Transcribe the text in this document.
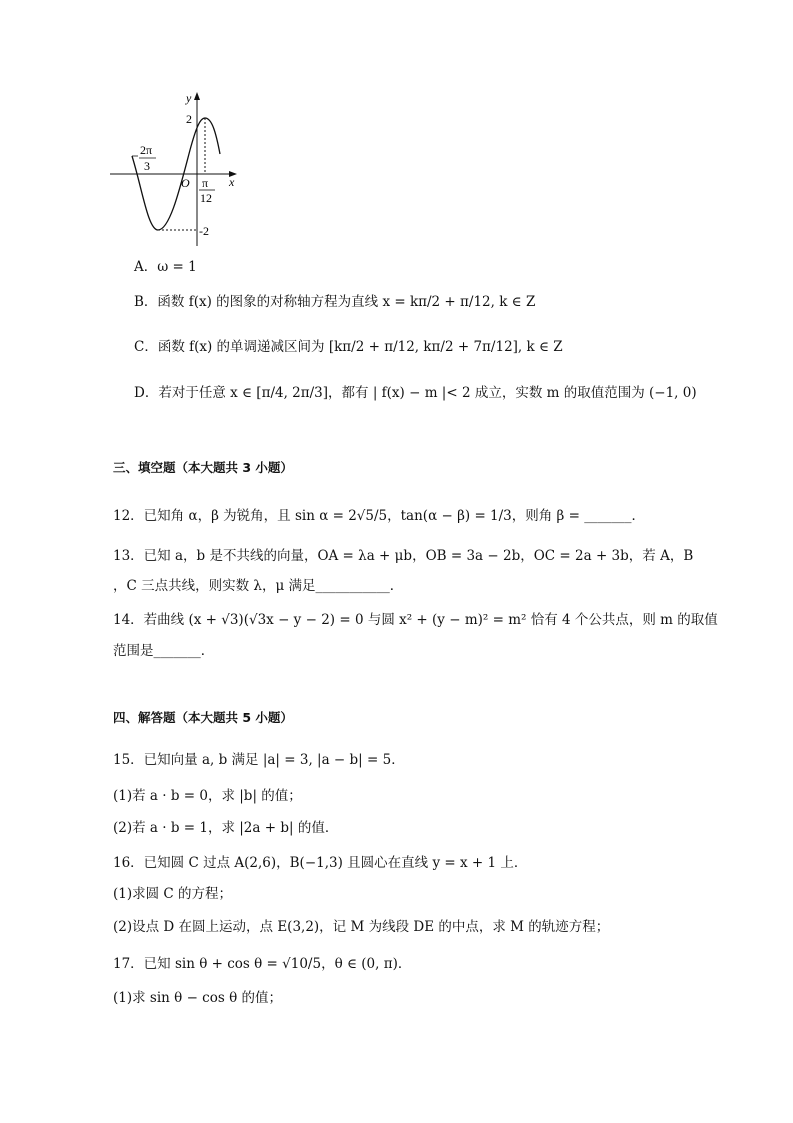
y
x
O
2
-2
2π
3
π
12
A．ω = 1
B．函数 f(x) 的图象的对称轴方程为直线 x = kπ/2 + π/12, k ∈ Z
C．函数 f(x) 的单调递减区间为 [kπ/2 + π/12, kπ/2 + 7π/12], k ∈ Z
D．若对于任意 x ∈ [π/4, 2π/3]，都有 | f(x) − m |< 2 成立，实数 m 的取值范围为 (−1, 0)
三、填空题（本大题共 3 小题）
12．已知角 α，β 为锐角，且 sin α = 2√5/5，tan(α − β) = 1/3，则角 β = _______．
13．已知 a，b 是不共线的向量，OA = λa + μb，OB = 3a − 2b，OC = 2a + 3b，若 A，B
，C 三点共线，则实数 λ，μ 满足___________．
14．若曲线 (x + √3)(√3x − y − 2) = 0 与圆 x² + (y − m)² = m² 恰有 4 个公共点，则 m 的取值
范围是_______．
四、解答题（本大题共 5 小题）
15．已知向量 a, b 满足 |a| = 3, |a − b| = 5．
(1)若 a · b = 0，求 |b| 的值；
(2)若 a · b = 1，求 |2a + b| 的值．
16．已知圆 C 过点 A(2,6)，B(−1,3) 且圆心在直线 y = x + 1 上．
(1)求圆 C 的方程；
(2)设点 D 在圆上运动，点 E(3,2)，记 M 为线段 DE 的中点，求 M 的轨迹方程；
17．已知 sin θ + cos θ = √10/5，θ ∈ (0, π)．
(1)求 sin θ − cos θ 的值；
